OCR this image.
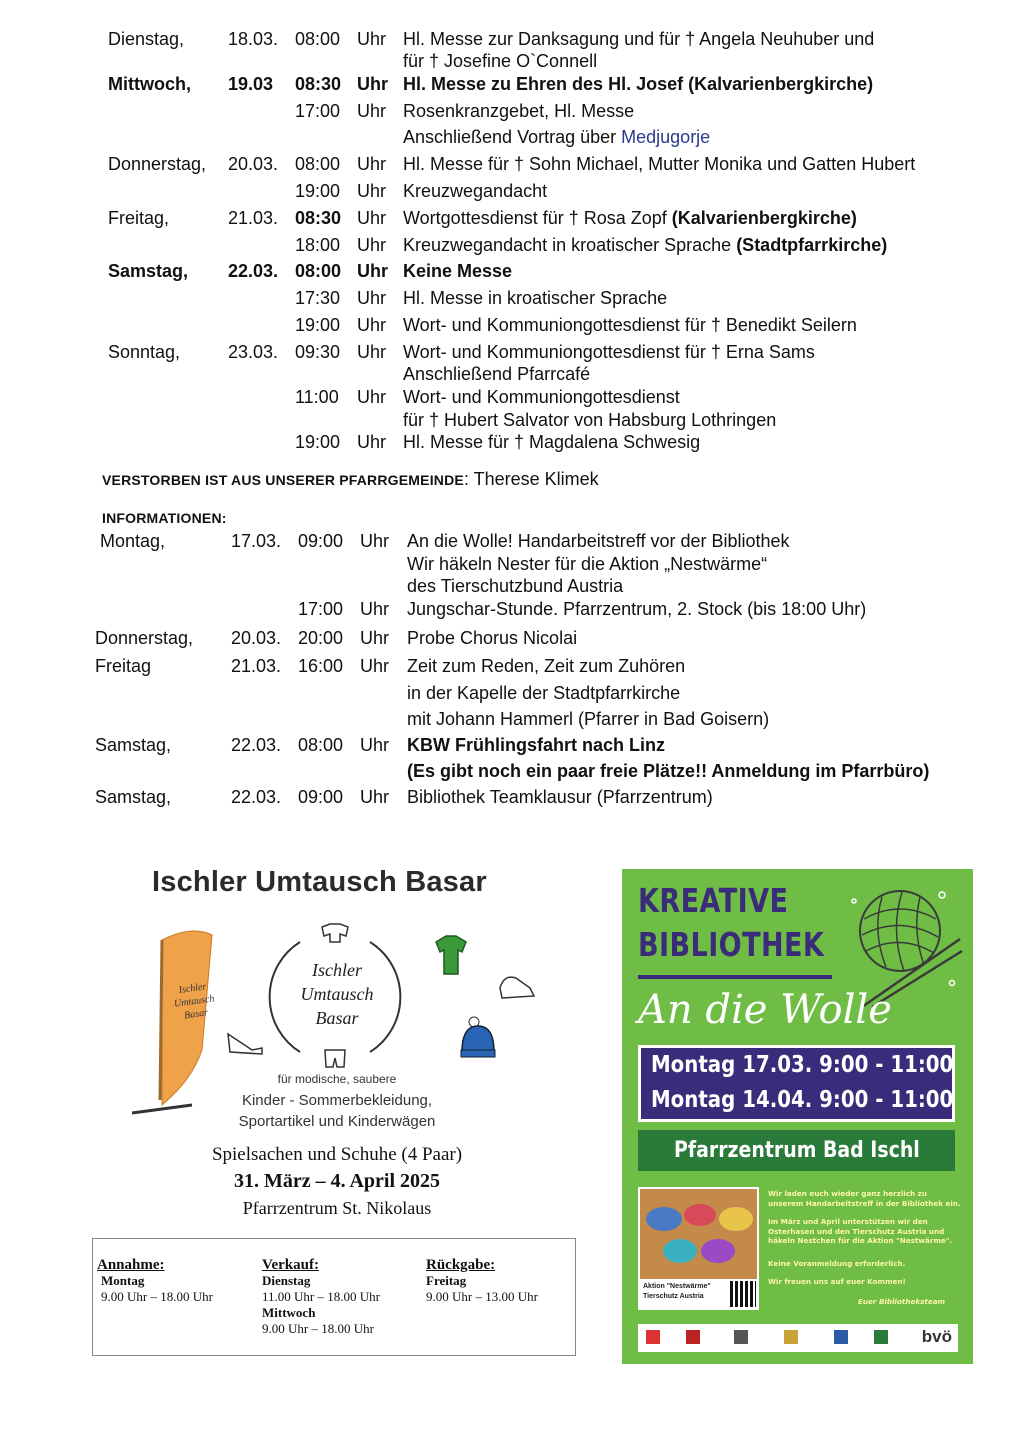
Dienstag, 18.03. 08:00 Uhr Hl. Messe zur Danksagung und für † Angela Neuhuber und
für † Josefine O`Connell
Mittwoch, 19.03 08:30 Uhr Hl. Messe zu Ehren des Hl. Josef (Kalvarienbergkirche)
17:00 Uhr Rosenkranzgebet, Hl. Messe
Anschließend Vortrag über Medjugorje
Donnerstag, 20.03. 08:00 Uhr Hl. Messe für † Sohn Michael, Mutter Monika und Gatten Hubert
19:00 Uhr Kreuzwegandacht
Freitag,	21.03. 08:30 Uhr Wortgottesdienst für † Rosa Zopf (Kalvarienbergkirche)
18:00 Uhr Kreuzwegandacht in kroatischer Sprache (Stadtpfarrkirche)
Samstag, 22.03. 08:00 Uhr Keine Messe
17:30 Uhr Hl. Messe in kroatischer Sprache
19:00 Uhr Wort- und Kommuniongottesdienst für † Benedikt Seilern
Sonntag,	23.03. 09:30 Uhr Wort- und Kommuniongottesdienst für † Erna Sams
Anschließend Pfarrcafé
11:00 Uhr Wort- und Kommuniongottesdienst
für † Hubert Salvator von Habsburg Lothringen
19:00 Uhr Hl. Messe für † Magdalena Schwesig
VERSTORBEN IST AUS UNSERER PFARRGEMEINDE: Therese Klimek
INFORMATIONEN:
Montag,	17.03. 09:00 Uhr An die Wolle! Handarbeitstreff vor der Bibliothek
Wir häkeln Nester für die Aktion „Nestwärme“
des Tierschutzbund Austria
17:00 Uhr Jungschar-Stunde. Pfarrzentrum, 2. Stock (bis 18:00 Uhr)
Donnerstag, 20.03. 20:00 Uhr Probe Chorus Nicolai
Freitag	21.03. 16:00 Uhr Zeit zum Reden, Zeit zum Zuhören
in der Kapelle der Stadtpfarrkirche
mit Johann Hammerl (Pfarrer in Bad Goisern)
Samstag,	22.03. 08:00 Uhr KBW Frühlingsfahrt nach Linz
(Es gibt noch ein paar freie Plätze!! Anmeldung im Pfarrbüro)
Samstag,	22.03. 09:00 Uhr Bibliothek Teamklausur (Pfarrzentrum)
Ischler Umtausch Basar
Ischler
Umtausch
Basar
Ischler
Umtausch
Basar
für modische, saubere
Kinder - Sommerbekleidung,
Sportartikel und Kinderwägen
Spielsachen und Schuhe (4 Paar)
31. März – 4. April 2025
Pfarrzentrum St. Nikolaus
Annahme:
Montag
9.00 Uhr – 18.00 Uhr
Verkauf:
Dienstag
11.00 Uhr – 18.00 Uhr
Mittwoch
9.00 Uhr – 18.00 Uhr
Rückgabe:
Freitag
9.00 Uhr – 13.00 Uhr
KREATIVE
BIBLIOTHEK
An die Wolle
Montag 17.03. 9:00 - 11:00
Montag 14.04. 9:00 - 11:00
Pfarrzentrum Bad Ischl
Aktion "Nestwärme"
Tierschutz Austria
Wir laden euch wieder ganz herzlich zu unserem Handarbeitstreff in der Bibliothek ein.
Im März und April unterstützen wir den Osterhasen und den Tierschutz Austria und häkeln Nestchen für die Aktion "Nestwärme".
Keine Voranmeldung erforderlich.
Wir freuen uns auf euer Kommen!
Euer Bibliotheksteam
bvö
